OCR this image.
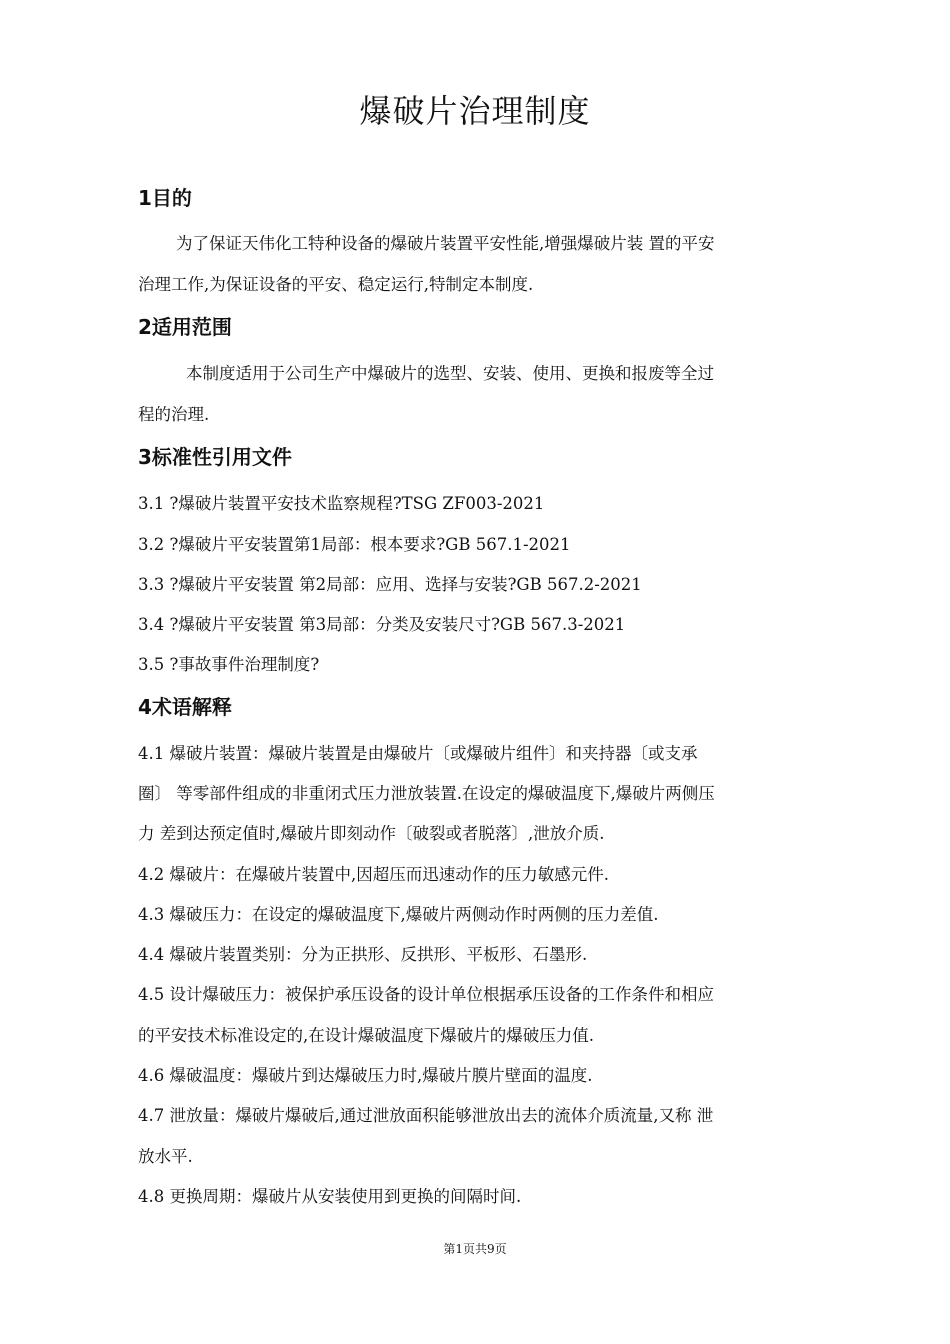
爆破片治理制度
1目的
为了保证天伟化工特种设备的爆破片装置平安性能,增强爆破片装 置的平安
治理工作,为保证设备的平安、稳定运行,特制定本制度.
2适用范围
本制度适用于公司生产中爆破片的选型、安装、使用、更换和报废等全过
程的治理.
3标准性引用文件
3.1 ?爆破片装置平安技术监察规程?TSG ZF003-2021
3.2 ?爆破片平安装置第1局部：根本要求?GB 567.1-2021
3.3 ?爆破片平安装置 第2局部：应用、选择与安装?GB 567.2-2021
3.4 ?爆破片平安装置 第3局部：分类及安装尺寸?GB 567.3-2021
3.5 ?事故事件治理制度?
4术语解释
4.1 爆破片装置：爆破片装置是由爆破片〔或爆破片组件〕和夹持器〔或支承
圈〕 等零部件组成的非重闭式压力泄放装置.在设定的爆破温度下,爆破片两侧压
力 差到达预定值时,爆破片即刻动作〔破裂或者脱落〕,泄放介质.
4.2 爆破片：在爆破片装置中,因超压而迅速动作的压力敏感元件.
4.3 爆破压力：在设定的爆破温度下,爆破片两侧动作时两侧的压力差值.
4.4 爆破片装置类别：分为正拱形、反拱形、平板形、石墨形.
4.5 设计爆破压力：被保护承压设备的设计单位根据承压设备的工作条件和相应
的平安技术标准设定的,在设计爆破温度下爆破片的爆破压力值.
4.6 爆破温度：爆破片到达爆破压力时,爆破片膜片壁面的温度.
4.7 泄放量：爆破片爆破后,通过泄放面积能够泄放出去的流体介质流量,又称 泄
放水平.
4.8 更换周期：爆破片从安装使用到更换的间隔时间.
第1页共9页
